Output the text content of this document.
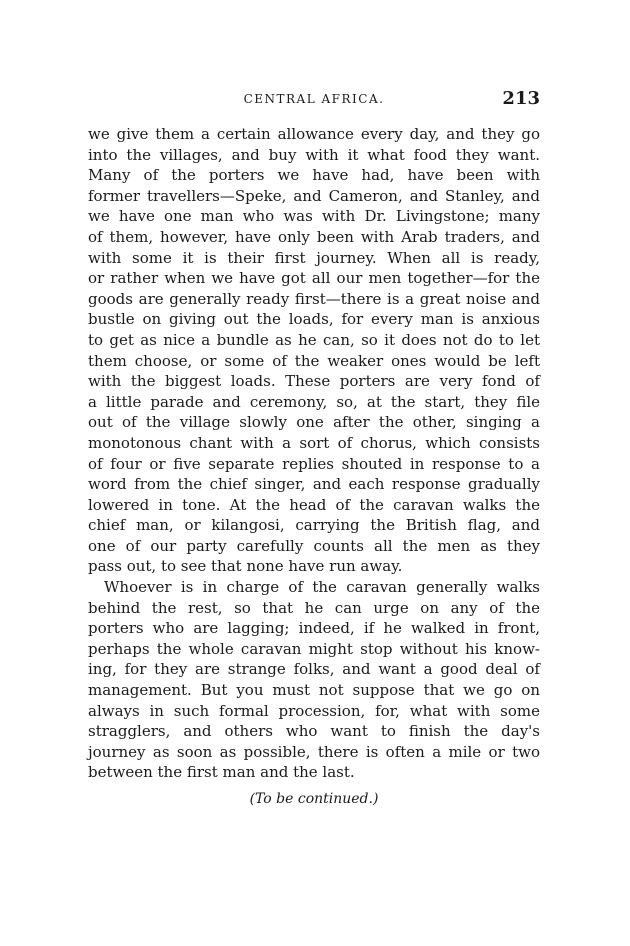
CENTRAL AFRICA.	213
we give them a certain allowance every day, and they go
into the villages, and buy with it what food they want.
Many of the porters we have had, have been with
former travellers—Speke, and Cameron, and Stanley, and
we have one man who was with Dr. Livingstone; many
of them, however, have only been with Arab traders, and
with some it is their first journey. When all is ready,
or rather when we have got all our men together—for the
goods are generally ready first—there is a great noise and
bustle on giving out the loads, for every man is anxious
to get as nice a bundle as he can, so it does not do to let
them choose, or some of the weaker ones would be left
with the biggest loads. These porters are very fond of
a little parade and ceremony, so, at the start, they file
out of the village slowly one after the other, singing a
monotonous chant with a sort of chorus, which consists
of four or five separate replies shouted in response to a
word from the chief singer, and each response gradually
lowered in tone. At the head of the caravan walks the
chief man, or kilangosi, carrying the British flag, and
one of our party carefully counts all the men as they
pass out, to see that none have run away.
Whoever is in charge of the caravan generally walks
behind the rest, so that he can urge on any of the
porters who are lagging; indeed, if he walked in front,
perhaps the whole caravan might stop without his know-
ing, for they are strange folks, and want a good deal of
management. But you must not suppose that we go on
always in such formal procession, for, what with some
stragglers, and others who want to finish the day's
journey as soon as possible, there is often a mile or two
between the first man and the last.
(To be continued.)
